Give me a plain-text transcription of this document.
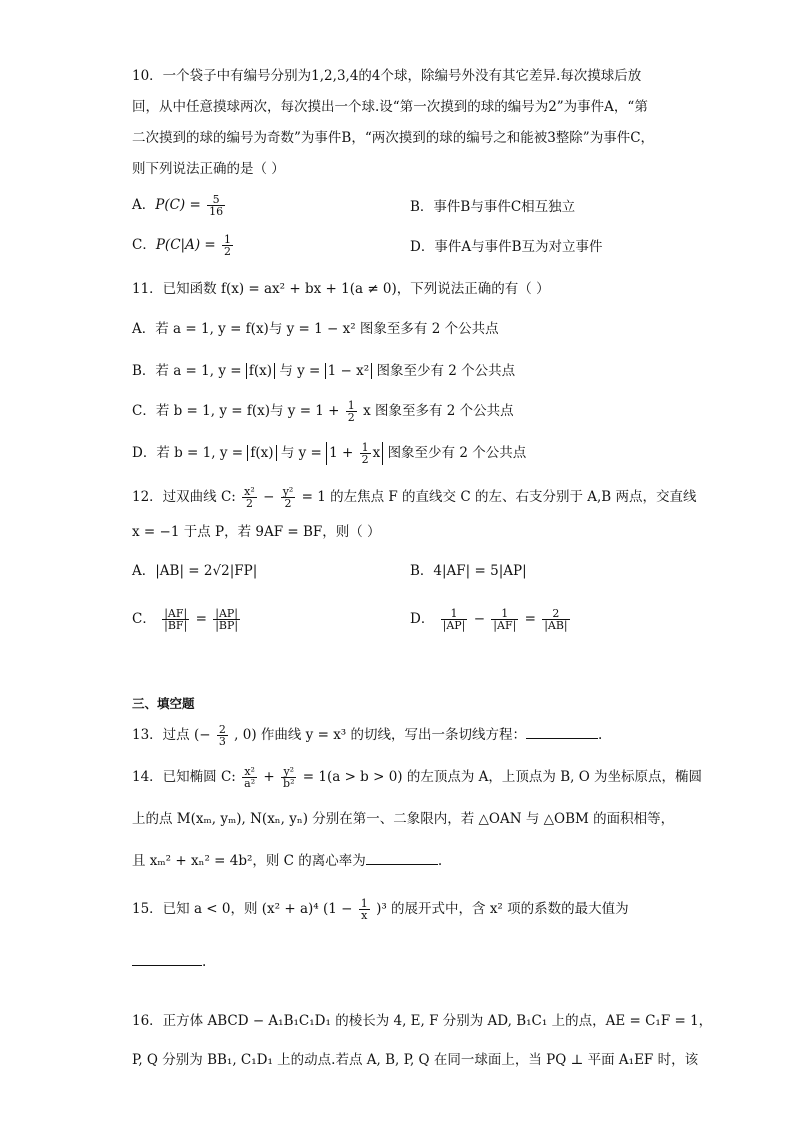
10．一个袋子中有编号分别为1,2,3,4的4个球，除编号外没有其它差异.每次摸球后放
回，从中任意摸球两次，每次摸出一个球.设“第一次摸到的球的编号为2”为事件A，“第
二次摸到的球的编号为奇数”为事件B，“两次摸到的球的编号之和能被3整除”为事件C，
则下列说法正确的是（ ）
A．$P(C) = \frac{5}{16}$	B．事件B与事件C相互独立
C．$P(C|A) = \frac{1}{2}$	D．事件A与事件B互为对立事件
11．已知函数 f(x) = ax² + bx + 1(a ≠ 0)，下列说法正确的有（ ）
A．若 a = 1, y = f(x)与 y = 1 − x² 图象至多有 2 个公共点
B．若 a = 1, y = f(x) 与 y = 1 − x² 图象至少有 2 个公共点
C．若 b = 1, y = f(x)与 $y = 1 + \frac{1}{2}$ x 图象至多有 2 个公共点
D．若 b = 1, y = f(x) 与 $y = 1 + \frac{1}{2}$ x 图象至少有 2 个公共点
12．过双曲线 C: $\frac{\text{x²}}{2} - \frac{\text{y²}}{2} = 1$ 的左焦点 F 的直线交 C 的左、右支分别于 A,B 两点，交直线
x = −1 于点 P，若 9AF = BF，则（ ）
A．|AB| = 2√2|FP|	B．4|AF| = 5|AP|
C． $\frac{|AF|}{|BF|} = \frac{|AP|}{|BP|}$	D． $\frac{1}{|AP|} - \frac{1}{|AF|} = \frac{2}{|AB|}$
三、填空题
13．过点 (− $\frac{2}{3}$ , 0) 作曲线 y = x³ 的切线，写出一条切线方程：	.
14．已知椭圆 C: $\frac{\text{x²}}{\text{a²}} + \frac{\text{y²}}{\text{b²}} = 1(a > b > 0)$ 的左顶点为 A，上顶点为 B, O 为坐标原点，椭圆
上的点 M(xₘ, yₘ), N(xₙ, yₙ) 分别在第一、二象限内，若 △OAN 与 △OBM 的面积相等，
且 xₘ² + xₙ² = 4b²，则 C 的离心率为	.
15．已知 a < 0，则 (x² + a)⁴ $(1 - \frac{1}{x} )^3$ 的展开式中，含 x² 项的系数的最大值为
.
16．正方体 ABCD − A₁B₁C₁D₁ 的棱长为 4, E, F 分别为 AD, B₁C₁ 上的点，AE = C₁F = 1，
P, Q 分别为 BB₁, C₁D₁ 上的动点.若点 A, B, P, Q 在同一球面上，当 PQ ⊥ 平面 A₁EF 时，该
